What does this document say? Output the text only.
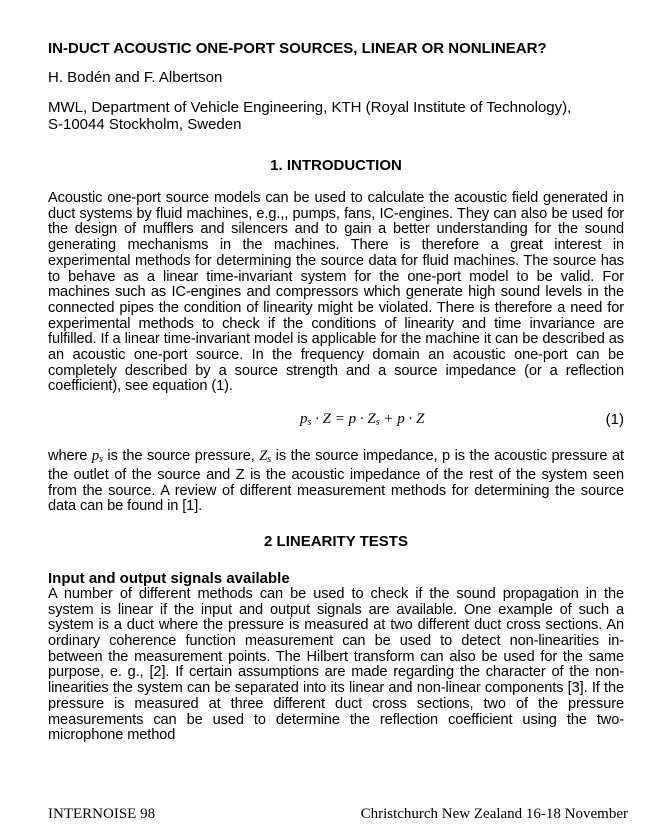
IN-DUCT ACOUSTIC ONE-PORT SOURCES, LINEAR OR NONLINEAR?
H. Bodén and F. Albertson
MWL, Department of Vehicle Engineering, KTH (Royal Institute of Technology),
S-10044 Stockholm, Sweden
1. INTRODUCTION

Acoustic one-port source models can be used to calculate the acoustic field generated in duct systems by fluid machines, e.g.,, pumps, fans, IC-engines. They can also be used for the design of mufflers and silencers and to gain a better understanding for the sound generating mechanisms in the machines. There is therefore a great interest in experimental methods for determining the source data for fluid machines. The source has to behave as a linear time-invariant system for the one-port model to be valid. For machines such as IC-engines and compressors which generate high sound levels in the connected pipes the condition of linearity might be violated. There is therefore a need for experimental methods to check if the conditions of linearity and time invariance are fulfilled. If a linear time-invariant model is applicable for the machine it can be described as an acoustic one-port source. In the frequency domain an acoustic one-port can be completely described by a source strength and a source impedance (or a reflection coefficient), see equation (1).

$p_s \cdot Z = p \cdot Z_s + p \cdot Z$	(1)

where $p_s$ is the source pressure, $Z_s$ is the source impedance, p is the acoustic pressure at the outlet of the source and Z is the acoustic impedance of the rest of the system seen from the source. A review of different measurement methods for determining the source data can be found in [1].

2 LINEARITY TESTS
Input and output signals available

A number of different methods can be used to check if the sound propagation in the system is linear if the input and output signals are available. One example of such a system is a duct where the pressure is measured at two different duct cross sections. An ordinary coherence function measurement can be used to detect non-linearities in-between the measurement points. The Hilbert transform can also be used for the same purpose, e. g., [2]. If certain assumptions are made regarding the character of the non-linearities the system can be separated into its linear and non-linear components [3]. If the pressure is measured at three different duct cross sections, two of the pressure measurements can be used to determine the reflection coefficient using the two-microphone method

INTERNOISE 98	Christchurch New Zealand 16-18 November
